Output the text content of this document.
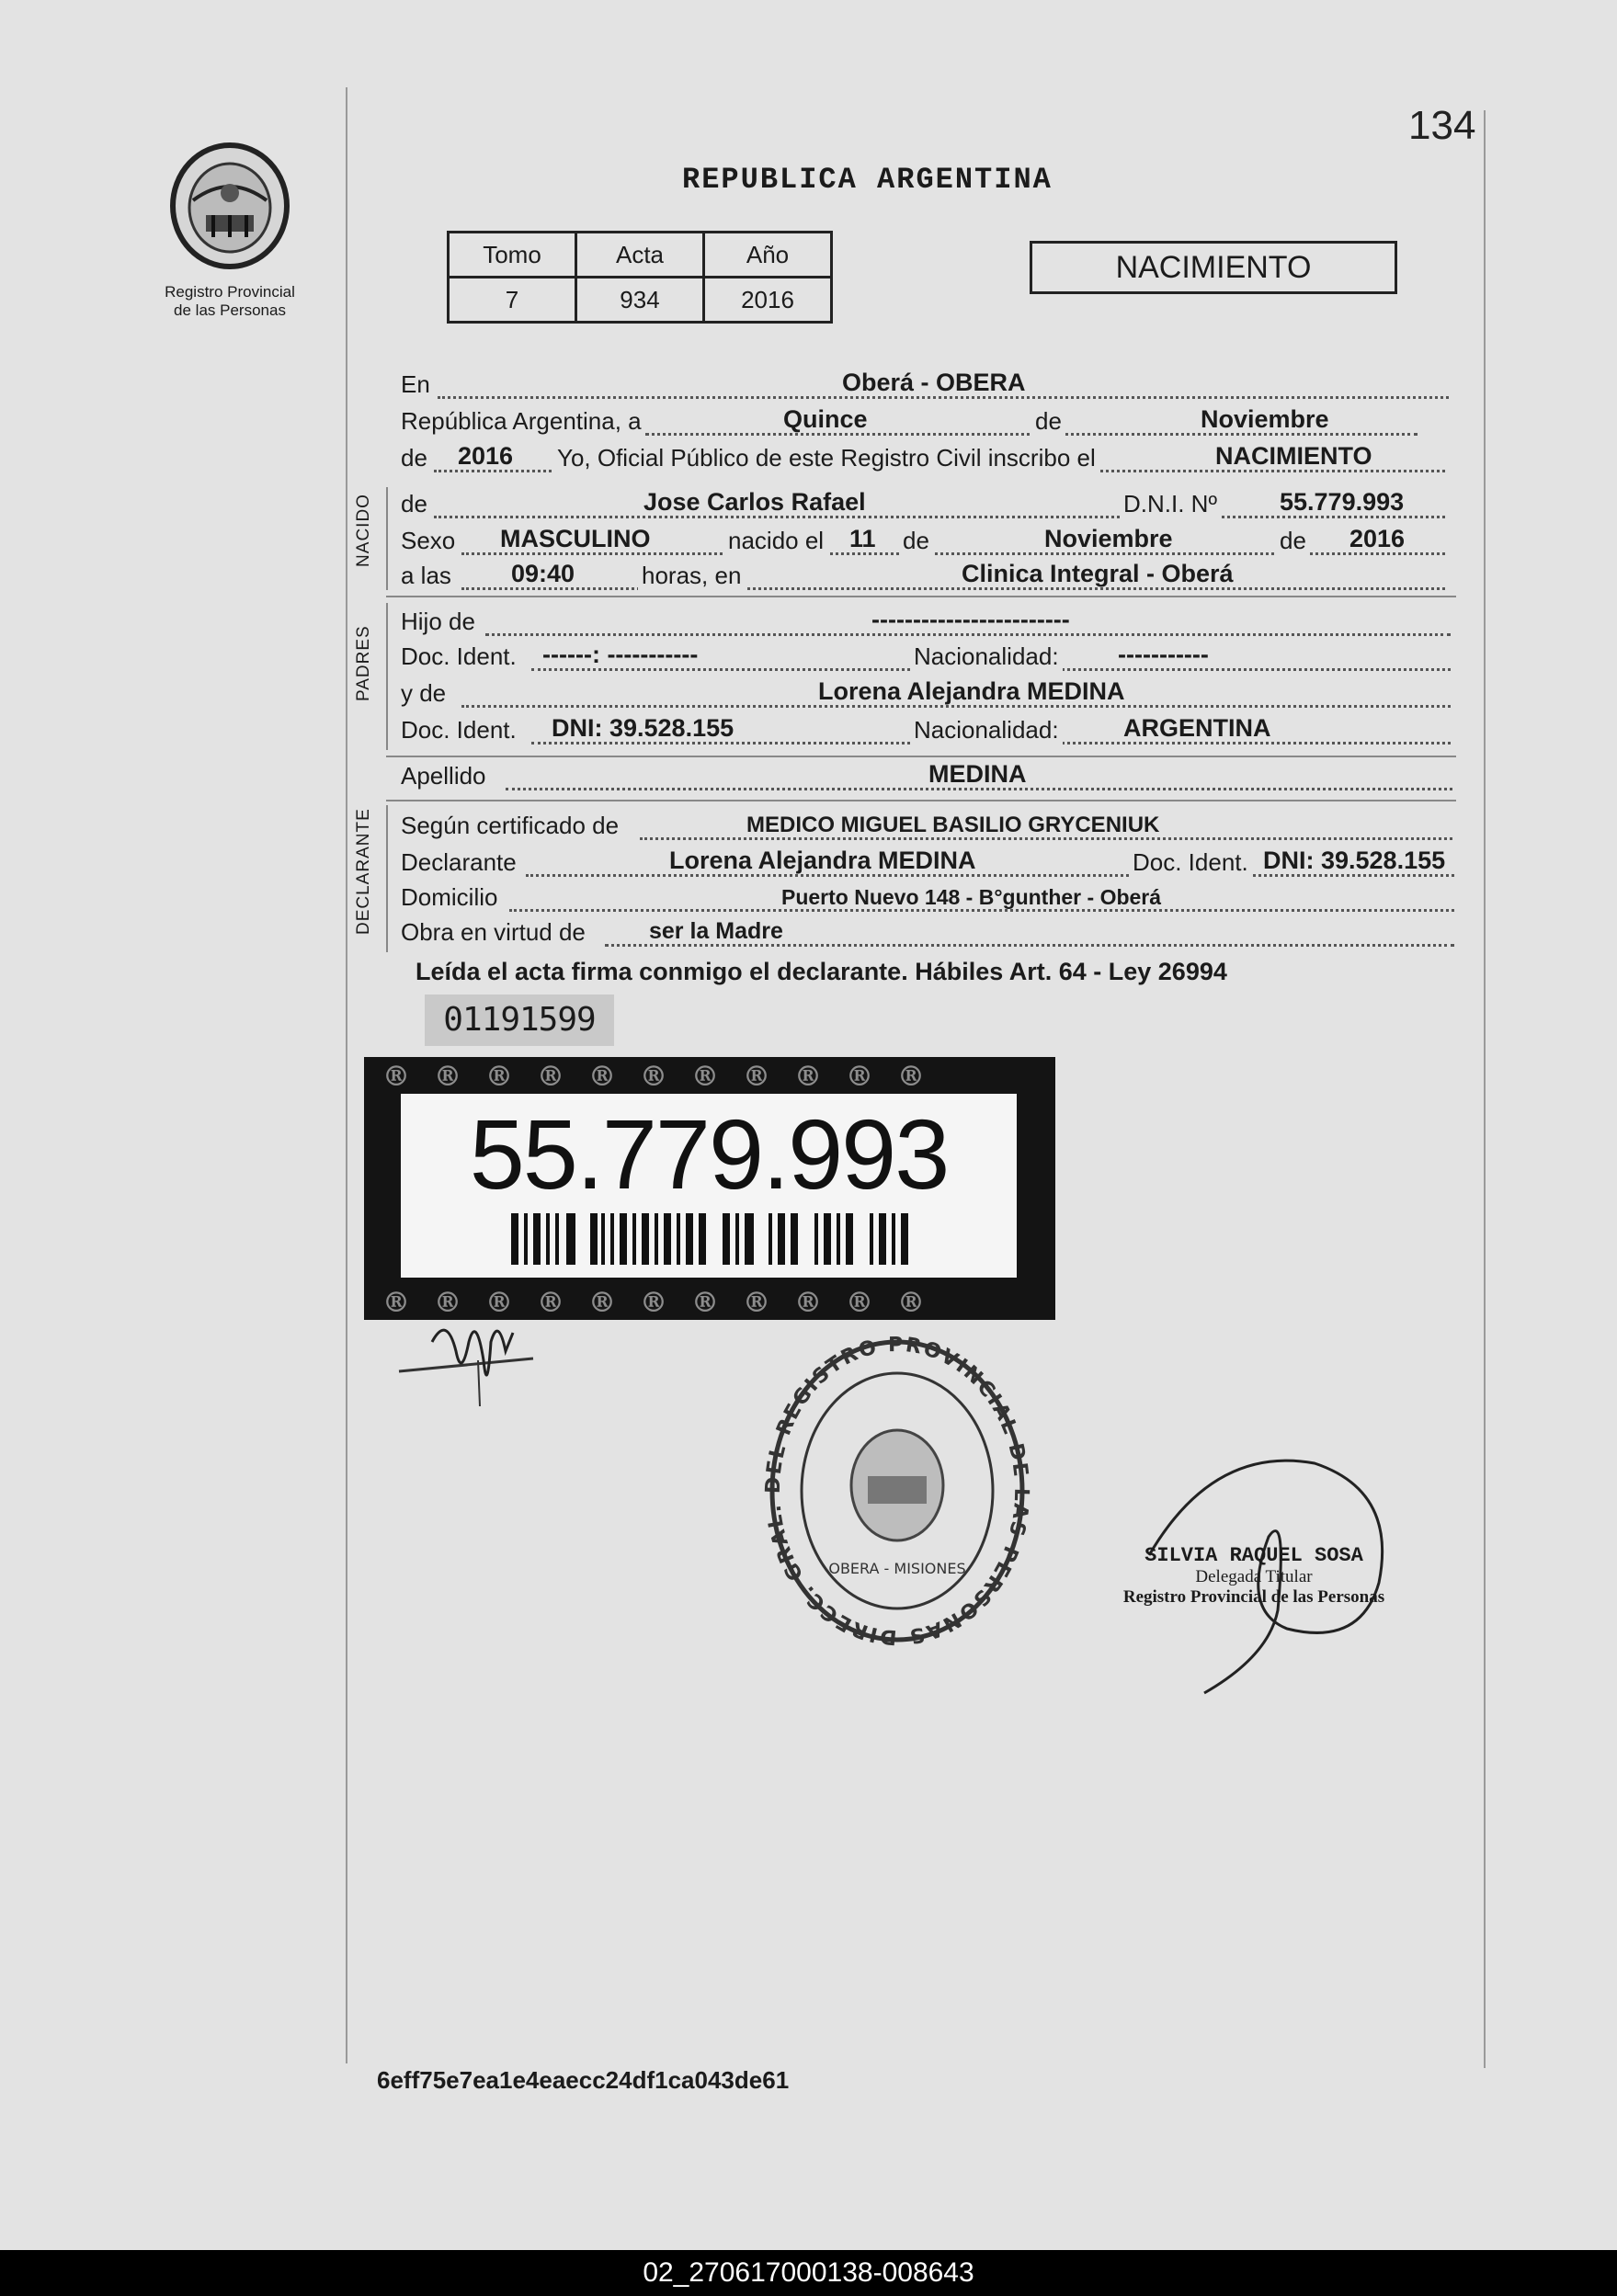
Registro Provincial
de las Personas
REPUBLICA ARGENTINA
134
Tomo	Acta	Año
7	934	2016
NACIMIENTO
NACIDO
PADRES
DECLARANTE
En	Oberá - OBERA
República Argentina, a	Quince	de	Noviembre
de 2016 Yo, Oficial Público de este Registro Civil inscribo el	NACIMIENTO
de	Jose Carlos Rafael	D.N.I. Nº	55.779.993
Sexo MASCULINO	nacido el 11 de	Noviembre	de 2016
a las 09:40	horas, en	Clinica Integral - Oberá
Hijo de	------------------------
Doc. Ident. ------: -----------	Nacionalidad: -----------
y de	Lorena Alejandra MEDINA
Doc. Ident. DNI: 39.528.155	Nacionalidad:	ARGENTINA
Apellido	MEDINA
Según certificado de	MEDICO MIGUEL BASILIO GRYCENIUK
Declarante	Lorena Alejandra MEDINA	Doc. Ident. DNI: 39.528.155
Domicilio	Puerto Nuevo 148 - B°gunther - Oberá
Obra en virtud de	ser la Madre
Leída el acta firma conmigo el declarante. Hábiles Art. 64 - Ley 26994
01191599
®®®®®®®®®®®
®®®®®®®®®®®
55.779.993
DIRECC. GRAL. DEL REGISTRO PROVINCIAL DE LAS PERSONAS
OBERA - MISIONES
SILVIA RAQUEL SOSA
Delegada Titular
Registro Provincial de las Personas
6eff75e7ea1e4eaecc24df1ca043de61
02_270617000138-008643
